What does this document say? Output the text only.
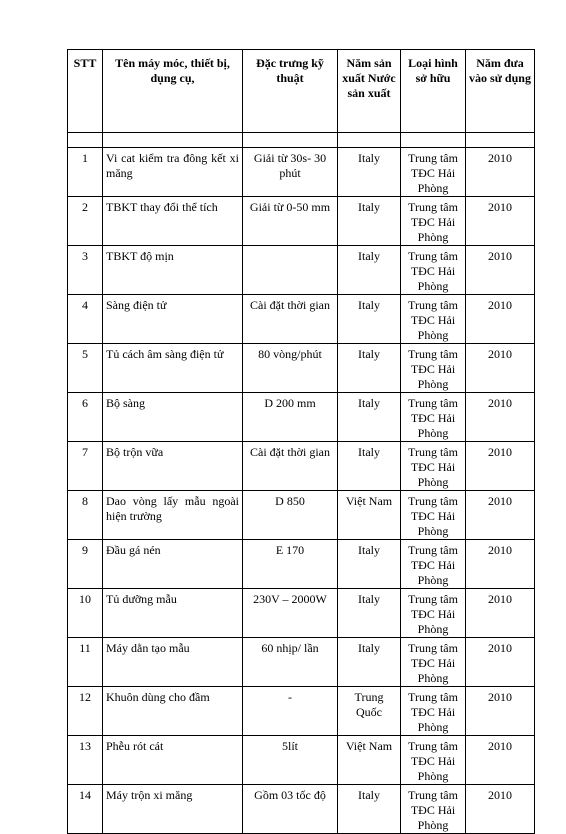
STT	Tên máy móc, thiết bị, dụng cụ,	Đặc trưng kỹ thuật	Năm sản xuất Nước sản xuất	Loại hình sở hữu	Năm đưa vào sử dụng

1	Vi cat kiểm tra đông kết xi măng	Giải từ 30s- 30 phút	Italy	Trung tâm TĐC Hải Phòng	2010
2	TBKT thay đổi thể tích	Giải từ 0-50 mm	Italy	Trung tâm TĐC Hải Phòng	2010
3	TBKT độ mịn		Italy	Trung tâm TĐC Hải Phòng	2010
4	Sàng điện tử	Cài đặt thời gian	Italy	Trung tâm TĐC Hải Phòng	2010
5	Tủ cách âm sàng điện tử	80 vòng/phút	Italy	Trung tâm TĐC Hải Phòng	2010
6	Bộ sàng	D 200 mm	Italy	Trung tâm TĐC Hải Phòng	2010
7	Bộ trộn vữa	Cài đặt thời gian	Italy	Trung tâm TĐC Hải Phòng	2010
8	Dao vòng lấy mẫu ngoài hiện trường	D 850	Việt Nam	Trung tâm TĐC Hải Phòng	2010
9	Đầu gá nén	E 170	Italy	Trung tâm TĐC Hải Phòng	2010
10	Tủ dưỡng mẫu	230V – 2000W	Italy	Trung tâm TĐC Hải Phòng	2010
11	Máy dằn tạo mẫu	60 nhịp/ lần	Italy	Trung tâm TĐC Hải Phòng	2010
12	Khuôn dùng cho đầm	-	Trung Quốc	Trung tâm TĐC Hải Phòng	2010
13	Phễu rót cát	5lít	Việt Nam	Trung tâm TĐC Hải Phòng	2010
14	Máy trộn xi măng	Gồm 03 tốc độ	Italy	Trung tâm TĐC Hải Phòng	2010
